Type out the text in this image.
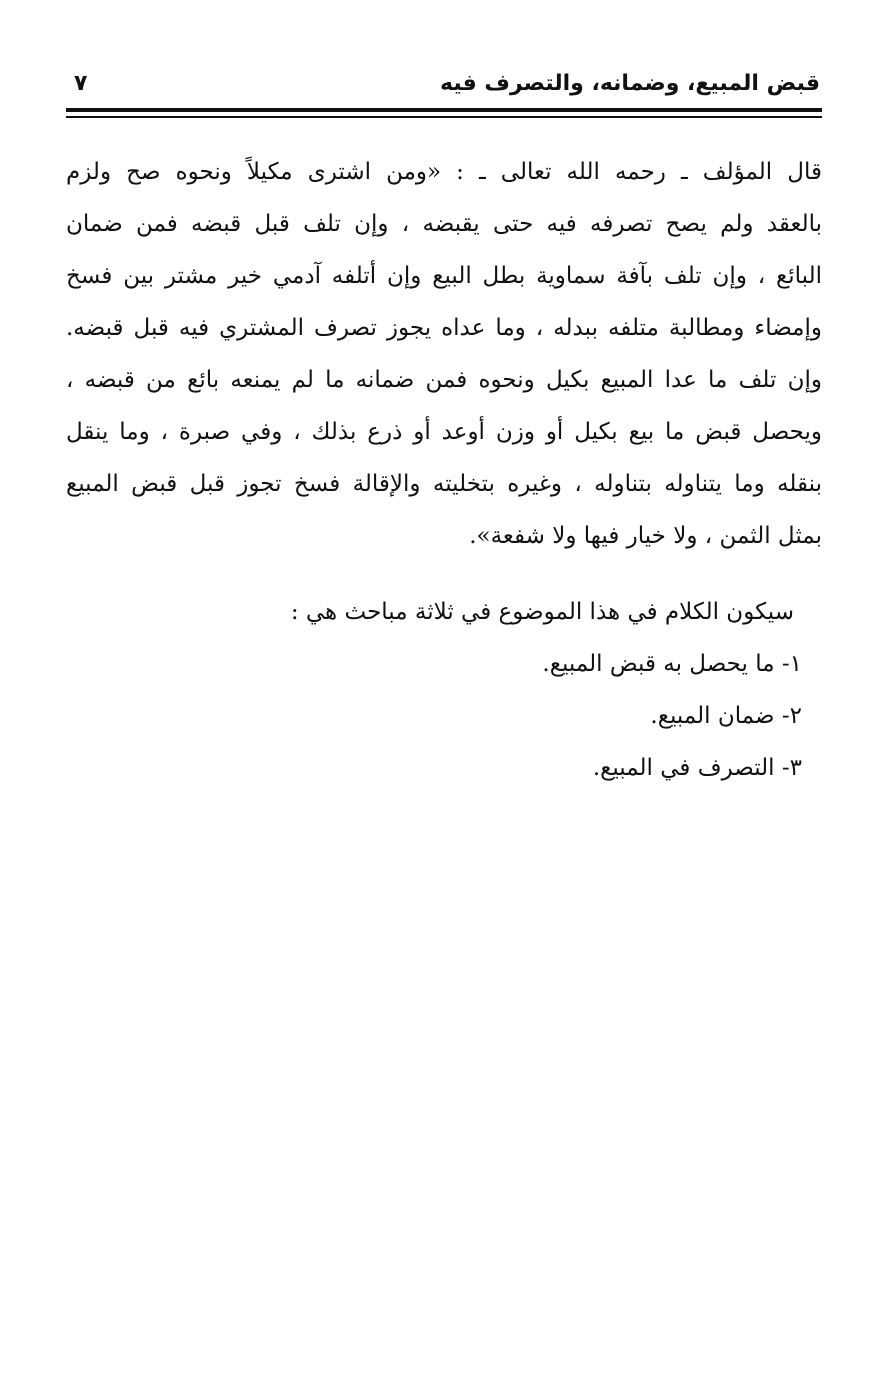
قبض المبيع، وضمانه، والتصرف فيه
٧
قال المؤلف ـ رحمه الله تعالى ـ : «ومن اشترى مكيلاً ونحوه صح ولزم
بالعقد ولم يصح تصرفه فيه حتى يقبضه ، وإن تلف قبل قبضه فمن ضمان
البائع ، وإن تلف بآفة سماوية بطل البيع وإن أتلفه آدمي خير مشتر بين فسخ
وإمضاء ومطالبة متلفه ببدله ، وما عداه يجوز تصرف المشتري فيه قبل قبضه.
وإن تلف ما عدا المبيع بكيل ونحوه فمن ضمانه ما لم يمنعه بائع من قبضه ،
ويحصل قبض ما بيع بكيل أو وزن أوعد أو ذرع بذلك ، وفي صبرة ، وما ينقل
بنقله وما يتناوله بتناوله ، وغيره بتخليته والإقالة فسخ تجوز قبل قبض المبيع
بمثل الثمن ، ولا خيار فيها ولا شفعة».
سيكون الكلام في هذا الموضوع في ثلاثة مباحث هي :
١- ما يحصل به قبض المبيع.
٢- ضمان المبيع.
٣- التصرف في المبيع.
